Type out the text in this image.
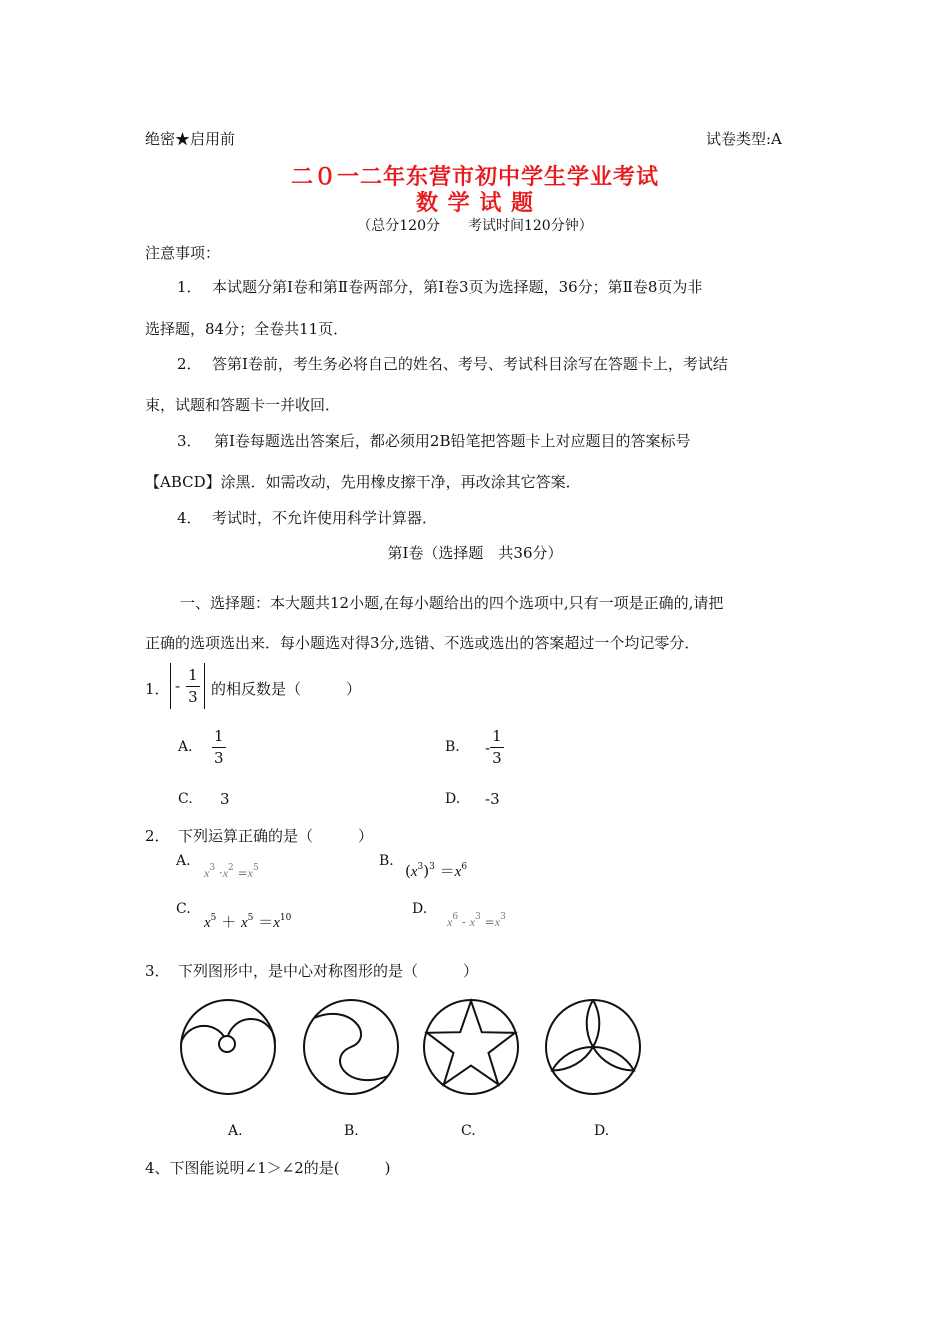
绝密★启用前	试卷类型:A
二０一二年东营市初中学生学业考试
数 学 试 题
（总分120分　　考试时间120分钟）
注意事项：
1． 本试题分第Ⅰ卷和第Ⅱ卷两部分，第Ⅰ卷3页为选择题，36分；第Ⅱ卷8页为非
选择题，84分；全卷共11页．
2． 答第Ⅰ卷前，考生务必将自己的姓名、考号、考试科目涂写在答题卡上，考试结
束，试题和答题卡一并收回．
3． 第Ⅰ卷每题选出答案后，都必须用2B铅笔把答题卡上对应题目的答案标号
【ABCD】涂黑．如需改动，先用橡皮擦干净，再改涂其它答案．
4． 考试时，不允许使用科学计算器．
第Ⅰ卷（选择题　共36分）
一、选择题：本大题共12小题,在每小题给出的四个选项中,只有一项是正确的,请把
正确的选项选出来．每小题选对得3分,选错、不选或选出的答案超过一个均记零分．
1． - $\frac{1}{3}$ 的相反数是（　　　）
A. $\frac{1}{3}$	B. - $\frac{1}{3}$
C. 3	D. -3
2． 下列运算正确的是（　　　）
A.
$x^3 \cdot x^2 =x^5$	B.
$(x^3)^3 =x^6$
C.
$x^5 + x^5 =x^{10}$
D.
$x^6 - x^3 =x^3$
3． 下列图形中，是中心对称图形的是（　　　）
A.	B.	C.	D.
4、下图能说明∠1＞∠2的是(　　　)
